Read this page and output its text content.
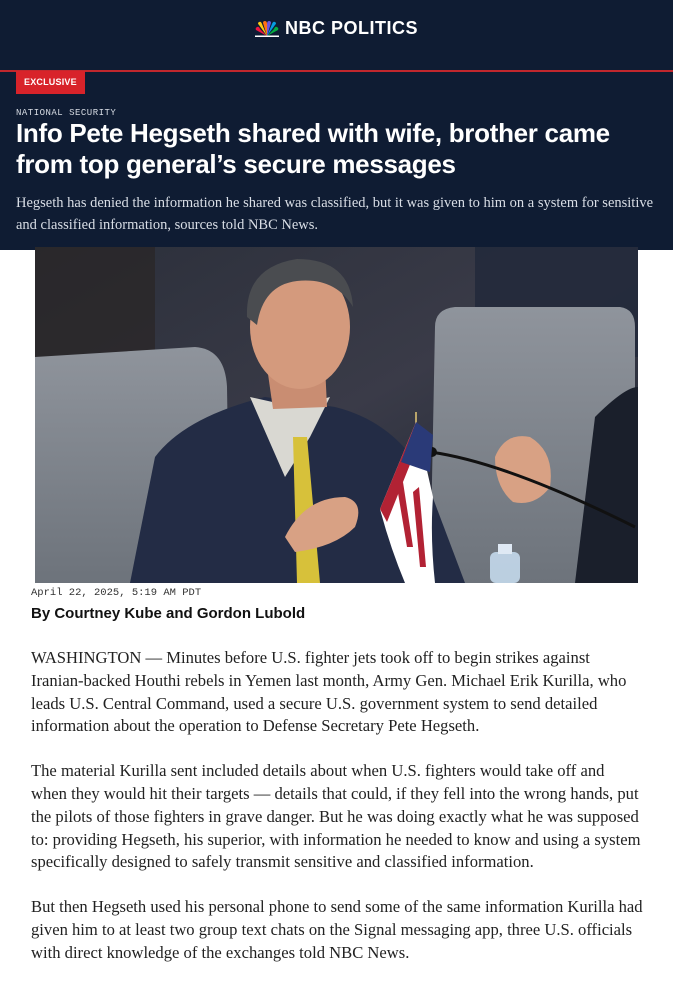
NBC POLITICS
EXCLUSIVE
NATIONAL SECURITY
Info Pete Hegseth shared with wife, brother came from top general’s secure messages
Hegseth has denied the information he shared was classified, but it was given to him on a system for sensitive and classified information, sources told NBC News.
April 22, 2025, 5:19 AM PDT
By Courtney Kube and Gordon Lubold

WASHINGTON — Minutes before U.S. fighter jets took off to begin strikes against Iranian-backed Houthi rebels in Yemen last month, Army Gen. Michael Erik Kurilla, who leads U.S. Central Command, used a secure U.S. government system to send detailed information about the operation to Defense Secretary Pete Hegseth.

The material Kurilla sent included details about when U.S. fighters would take off and when they would hit their targets — details that could, if they fell into the wrong hands, put the pilots of those fighters in grave danger. But he was doing exactly what he was supposed to: providing Hegseth, his superior, with information he needed to know and using a system specifically designed to safely transmit sensitive and classified information.

But then Hegseth used his personal phone to send some of the same information Kurilla had given him to at least two group text chats on the Signal messaging app, three U.S. officials with direct knowledge of the exchanges told NBC News.
